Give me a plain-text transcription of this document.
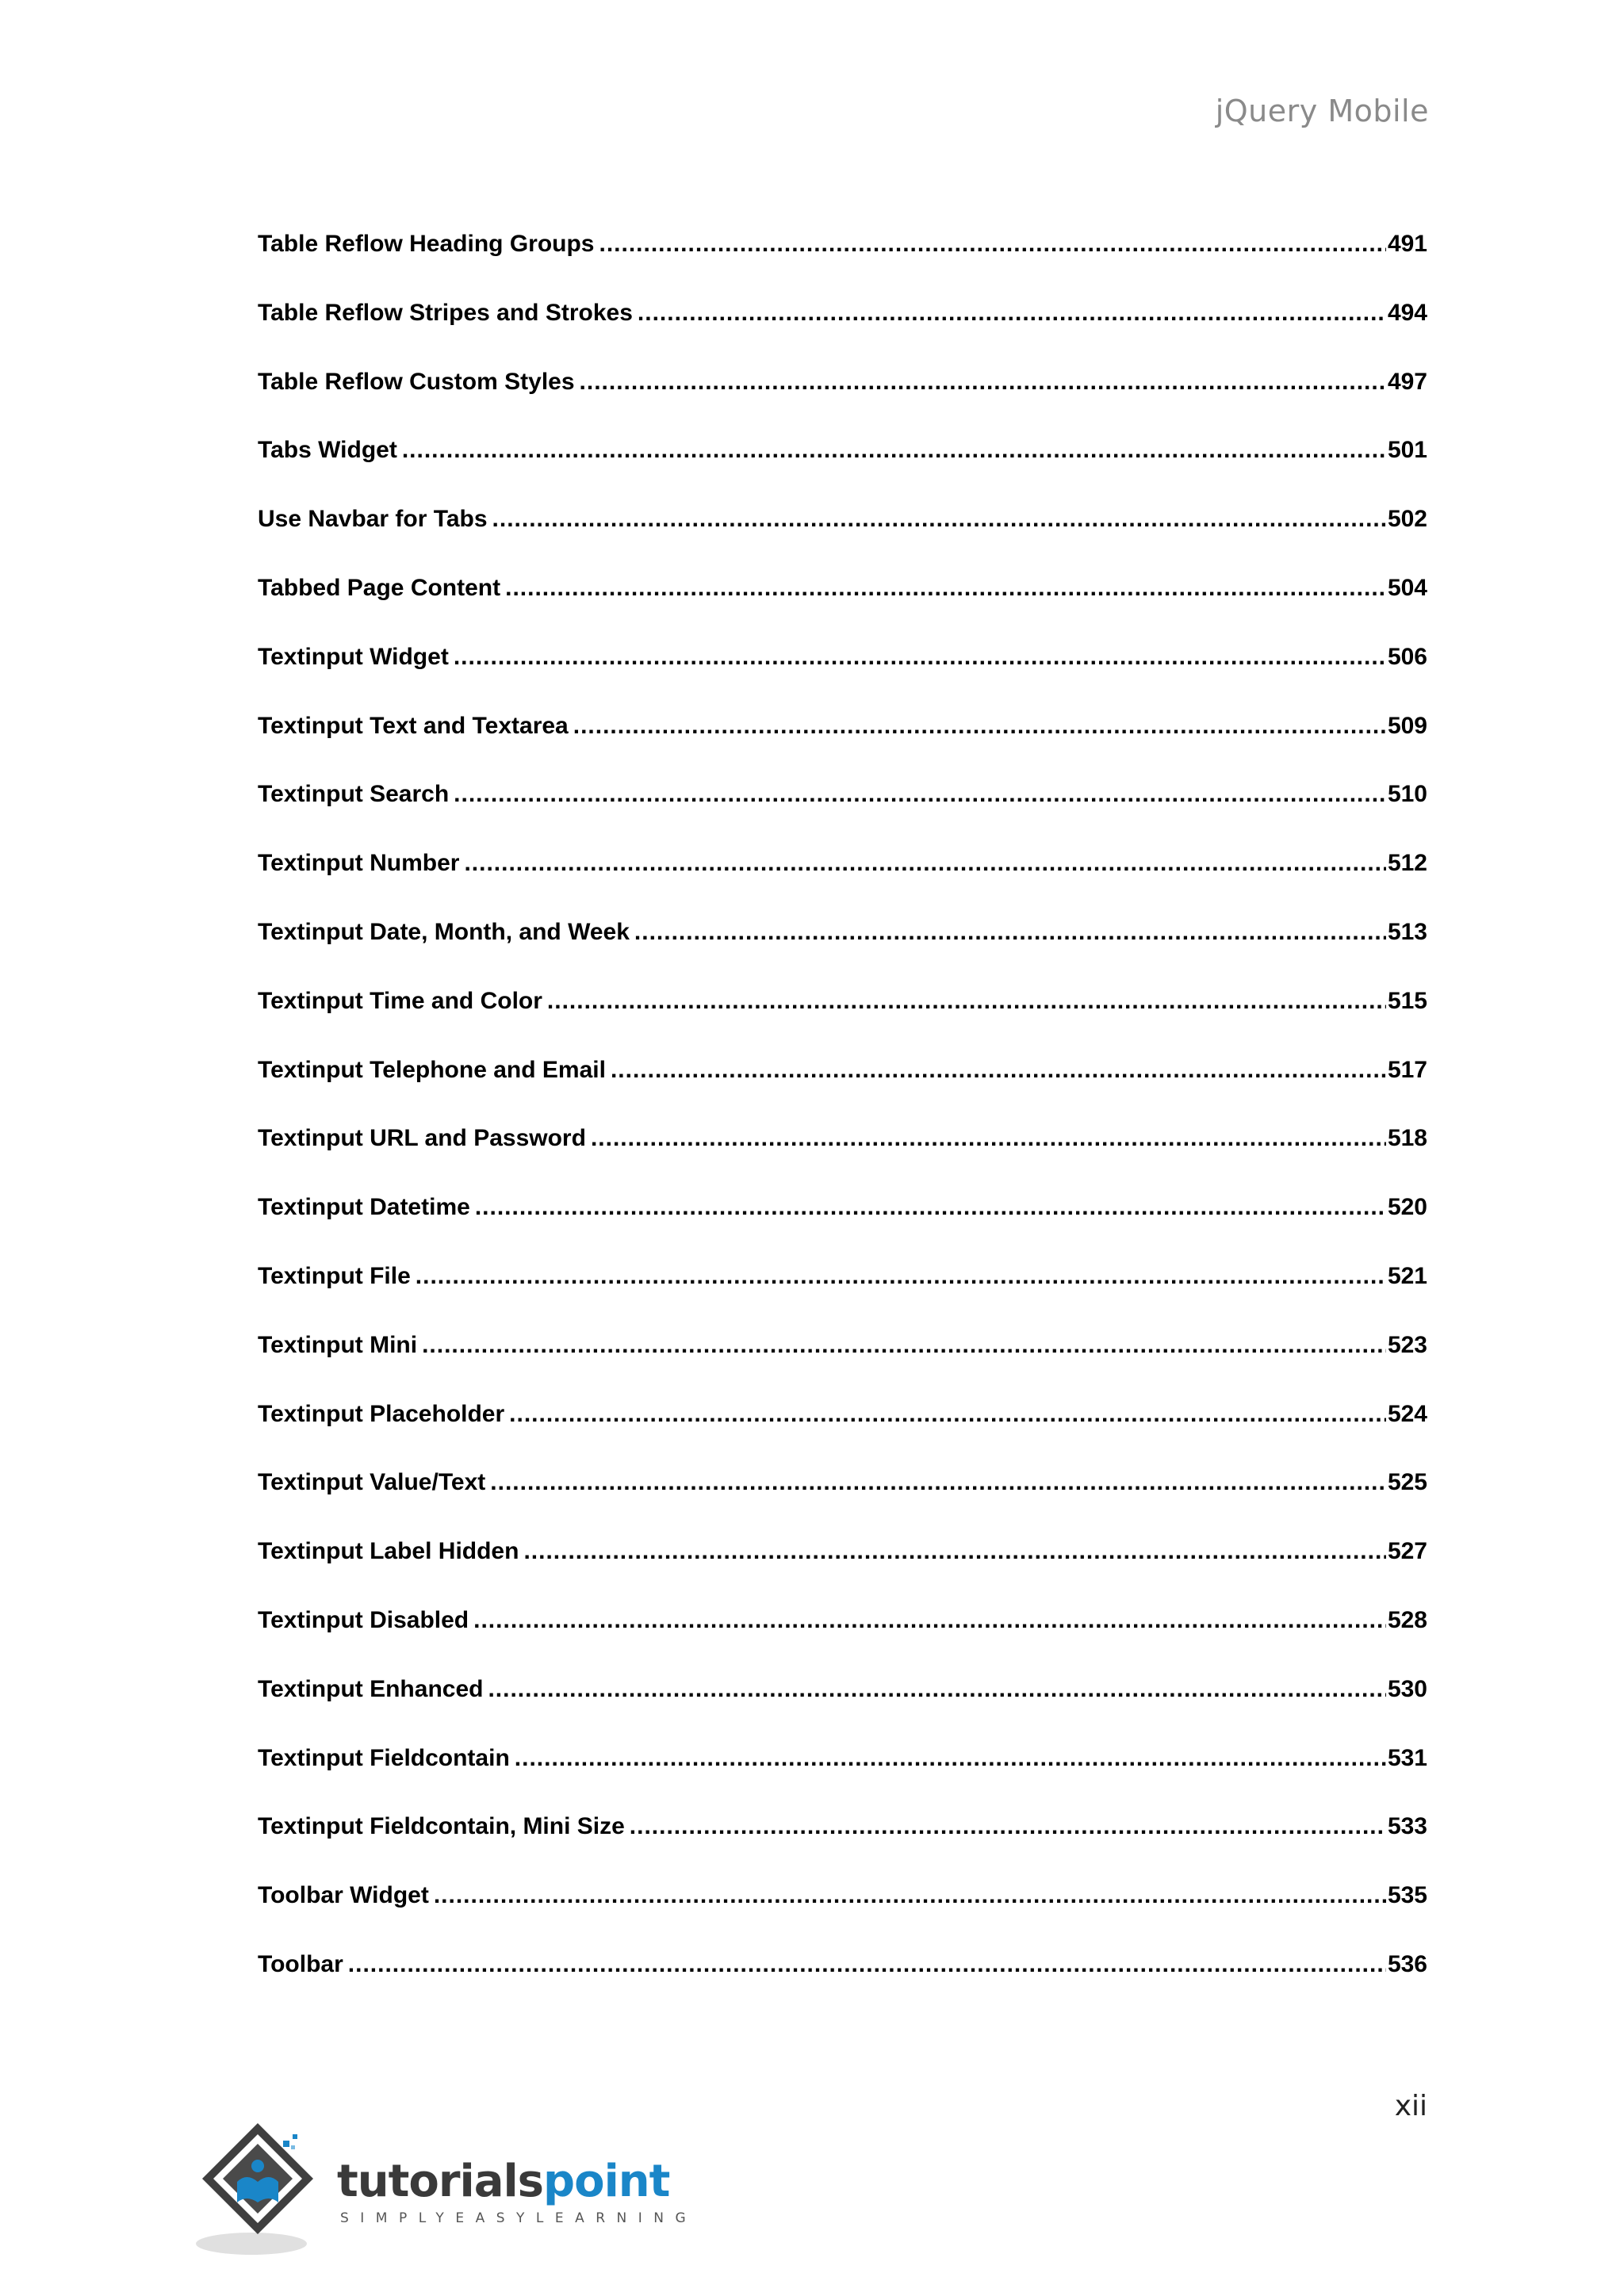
jQuery Mobile
Table Reflow Heading Groups .....	491
Table Reflow Stripes and Strokes .....	494
Table Reflow Custom Styles .....	497
Tabs Widget .....	501
Use Navbar for Tabs .....	502
Tabbed Page Content .....	504
Textinput Widget .....	506
Textinput Text and Textarea .....	509
Textinput Search .....	510
Textinput Number .....	512
Textinput Date, Month, and Week .....	513
Textinput Time and Color .....	515
Textinput Telephone and Email .....	517
Textinput URL and Password .....	518
Textinput Datetime .....	520
Textinput File .....	521
Textinput Mini .....	523
Textinput Placeholder .....	524
Textinput Value/Text .....	525
Textinput Label Hidden .....	527
Textinput Disabled .....	528
Textinput Enhanced .....	530
Textinput Fieldcontain .....	531
Textinput Fieldcontain, Mini Size .....	533
Toolbar Widget .....	535
Toolbar .....	536
xii
tutorialspoint
SIMPLYEASYLEARNING
